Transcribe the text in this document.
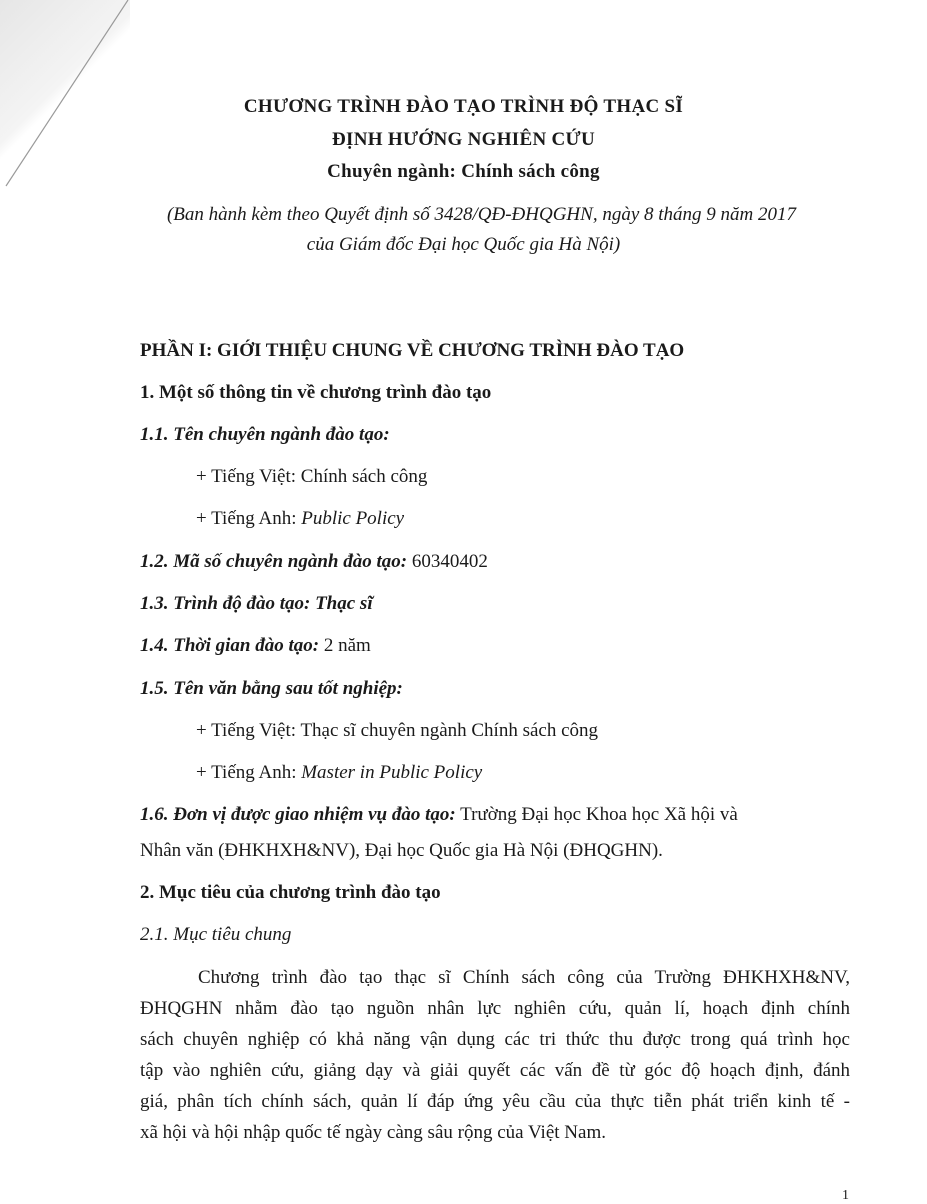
CHƯƠNG TRÌNH ĐÀO TẠO TRÌNH ĐỘ THẠC SĨ
ĐỊNH HƯỚNG NGHIÊN CỨU
Chuyên ngành: Chính sách công
(Ban hành kèm theo Quyết định số 3428/QĐ-ĐHQGHN, ngày 8 tháng 9 năm 2017
của Giám đốc Đại học Quốc gia Hà Nội)
PHẦN I: GIỚI THIỆU CHUNG VỀ CHƯƠNG TRÌNH ĐÀO TẠO
1. Một số thông tin về chương trình đào tạo
1.1. Tên chuyên ngành đào tạo:
+ Tiếng Việt: Chính sách công
+ Tiếng Anh: Public Policy
1.2. Mã số chuyên ngành đào tạo: 60340402
1.3. Trình độ đào tạo: Thạc sĩ
1.4. Thời gian đào tạo: 2 năm
1.5. Tên văn bằng sau tốt nghiệp:
+ Tiếng Việt: Thạc sĩ chuyên ngành Chính sách công
+ Tiếng Anh: Master in Public Policy
1.6. Đơn vị được giao nhiệm vụ đào tạo: Trường Đại học Khoa học Xã hội và
Nhân văn (ĐHKHXH&NV), Đại học Quốc gia Hà Nội (ĐHQGHN).
2. Mục tiêu của chương trình đào tạo
2.1. Mục tiêu chung
Chương trình đào tạo thạc sĩ Chính sách công của Trường ĐHKHXH&NV,
ĐHQGHN nhằm đào tạo nguồn nhân lực nghiên cứu, quản lí, hoạch định chính
sách chuyên nghiệp có khả năng vận dụng các tri thức thu được trong quá trình học
tập vào nghiên cứu, giảng dạy và giải quyết các vấn đề từ góc độ hoạch định, đánh
giá, phân tích chính sách, quản lí đáp ứng yêu cầu của thực tiễn phát triển kinh tế -
xã hội và hội nhập quốc tế ngày càng sâu rộng của Việt Nam.
1
